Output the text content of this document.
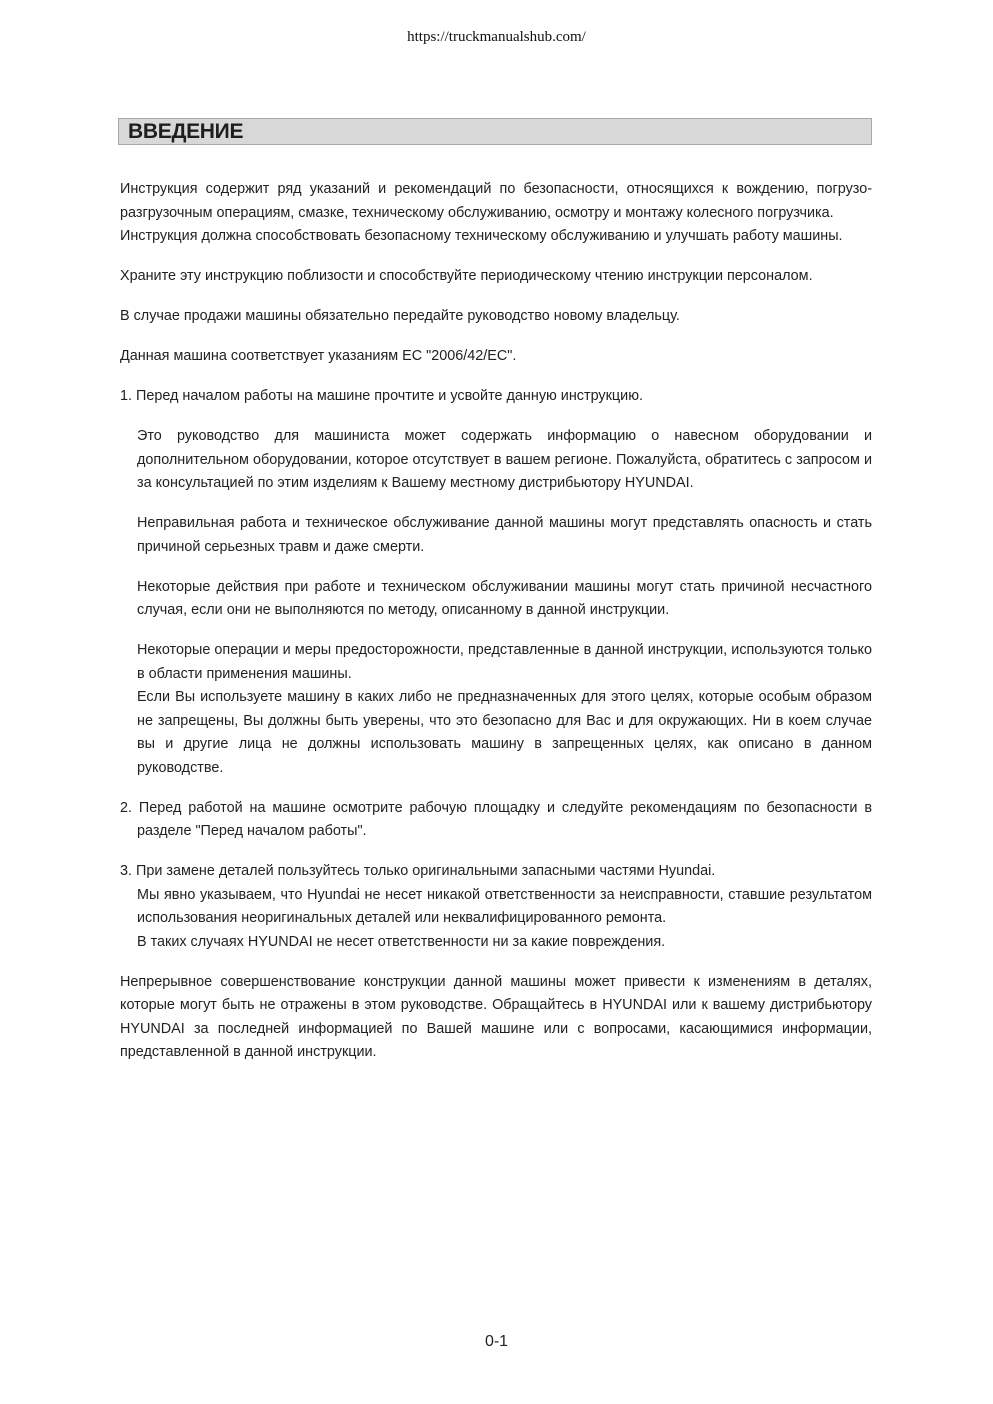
https://truckmanualshub.com/
ВВЕДЕНИЕ

Инструкция содержит ряд указаний и рекомендаций по безопасности, относящихся к вождению, погрузо-разгрузочным операциям, смазке, техническому обслуживанию, осмотру и монтажу колесного погрузчика.

Инструкция должна способствовать безопасному техническому обслуживанию и улучшать работу машины.

Храните эту инструкцию поблизости и способствуйте периодическому чтению инструкции персоналом.

В случае продажи машины обязательно передайте руководство новому владельцу.

Данная машина соответствует указаниям ЕС "2006/42/EC".

1. Перед началом работы на машине прочтите и усвойте данную инструкцию.

Это руководство для машиниста может содержать информацию о навесном оборудовании и дополнительном оборудовании, которое отсутствует в вашем регионе. Пожалуйста, обратитесь с запросом и за консультацией по этим изделиям к Вашему местному дистрибьютору HYUNDAI.

Неправильная работа и техническое обслуживание данной машины могут представлять опасность и стать причиной серьезных травм и даже смерти.

Некоторые действия при работе и техническом обслуживании машины могут стать причиной несчастного случая, если они не выполняются по методу, описанному в данной инструкции.

Некоторые операции и меры предосторожности, представленные в данной инструкции, используются только в области применения машины.

Если Вы используете машину в каких либо не предназначенных для этого целях, которые особым образом не запрещены, Вы должны быть уверены, что это безопасно для Вас и для окружающих. Ни в коем случае вы и другие лица не должны использовать машину в запрещенных целях, как описано в данном руководстве.

2. Перед работой на машине осмотрите рабочую площадку и следуйте рекомендациям по безопасности в разделе "Перед началом работы".

3. При замене деталей пользуйтесь только оригинальными запасными частями Hyundai.

Мы явно указываем, что Hyundai не несет никакой ответственности за неисправности, ставшие результатом использования неоригинальных деталей или неквалифицированного ремонта.

В таких случаях HYUNDAI не несет ответственности ни за какие повреждения.

Непрерывное совершенствование конструкции данной машины может привести к изменениям в деталях, которые могут быть не отражены в этом руководстве. Обращайтесь в HYUNDAI или к вашему дистрибьютору HYUNDAI за последней информацией по Вашей машине или с вопросами, касающимися информации, представленной в данной инструкции.

0-1
